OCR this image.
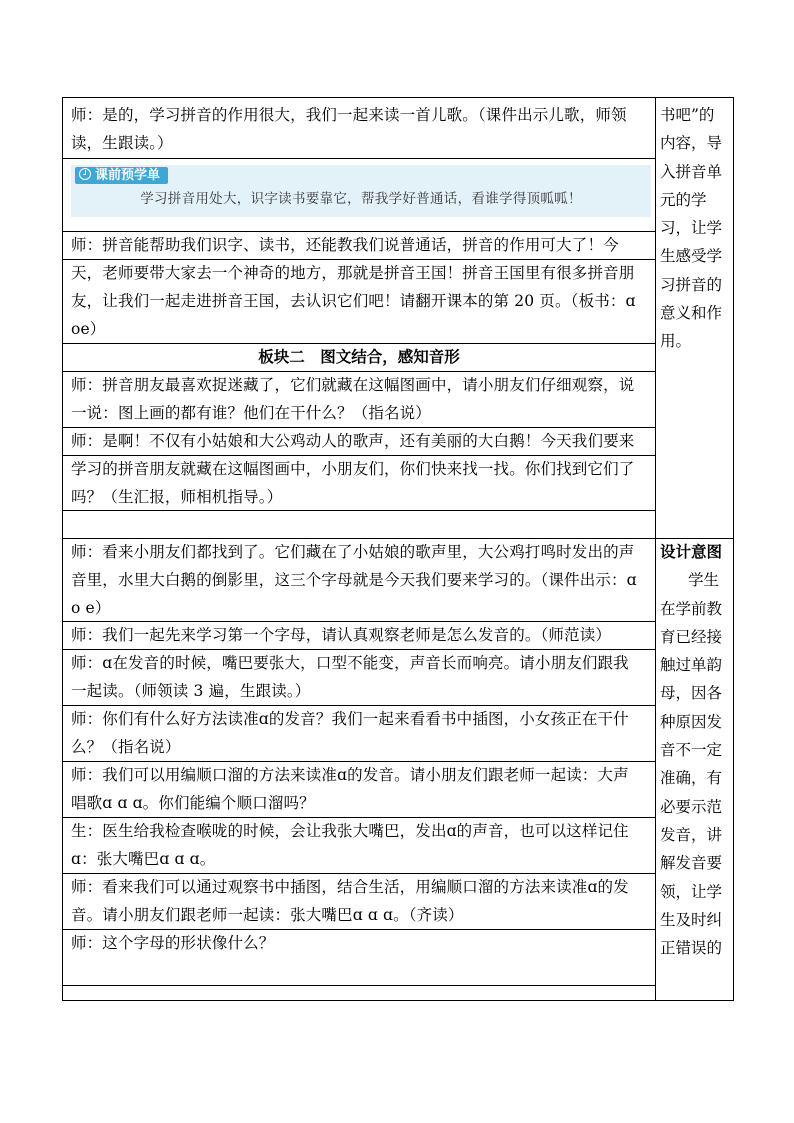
师：是的，学习拼音的作用很大，我们一起来读一首儿歌。（课件出示儿歌，师领
读，生跟读。）
课前预学单
学习拼音用处大，识字读书要靠它，帮我学好普通话，看谁学得顶呱呱！
师：拼音能帮助我们识字、读书，还能教我们说普通话，拼音的作用可大了！今
天，老师要带大家去一个神奇的地方，那就是拼音王国！拼音王国里有很多拼音朋
友，让我们一起走进拼音王国，去认识它们吧！请翻开课本的第 20 页。（板书：ɑ
oe）
板块二　图文结合，感知音形
师：拼音朋友最喜欢捉迷藏了，它们就藏在这幅图画中，请小朋友们仔细观察，说
一说：图上画的都有谁？他们在干什么？（指名说）
师：是啊！不仅有小姑娘和大公鸡动人的歌声，还有美丽的大白鹅！今天我们要来
学习的拼音朋友就藏在这幅图画中，小朋友们，你们快来找一找。你们找到它们了
吗？（生汇报，师相机指导。）
师：看来小朋友们都找到了。它们藏在了小姑娘的歌声里，大公鸡打鸣时发出的声
音里，水里大白鹅的倒影里，这三个字母就是今天我们要来学习的。（课件出示：ɑ
o e）
师：我们一起先来学习第一个字母，请认真观察老师是怎么发音的。（师范读）
师：ɑ在发音的时候，嘴巴要张大，口型不能变，声音长而响亮。请小朋友们跟我
一起读。（师领读 3 遍，生跟读。）
师：你们有什么好方法读准ɑ的发音？我们一起来看看书中插图，小女孩正在干什
么？（指名说）
师：我们可以用编顺口溜的方法来读准ɑ的发音。请小朋友们跟老师一起读：大声
唱歌ɑ ɑ ɑ。你们能编个顺口溜吗？
生：医生给我检查喉咙的时候，会让我张大嘴巴，发出ɑ的声音，也可以这样记住
ɑ：张大嘴巴ɑ ɑ ɑ。
师：看来我们可以通过观察书中插图，结合生活，用编顺口溜的方法来读准ɑ的发
音。请小朋友们跟老师一起读：张大嘴巴ɑ ɑ ɑ。（齐读）
师：这个字母的形状像什么？
书吧”的
内容，导
入拼音单
元的学
习，让学
生感受学
习拼音的
意义和作
用。
设计意图
学生
在学前教
育已经接
触过单韵
母，因各
种原因发
音不一定
准确，有
必要示范
发音，讲
解发音要
领，让学
生及时纠
正错误的
